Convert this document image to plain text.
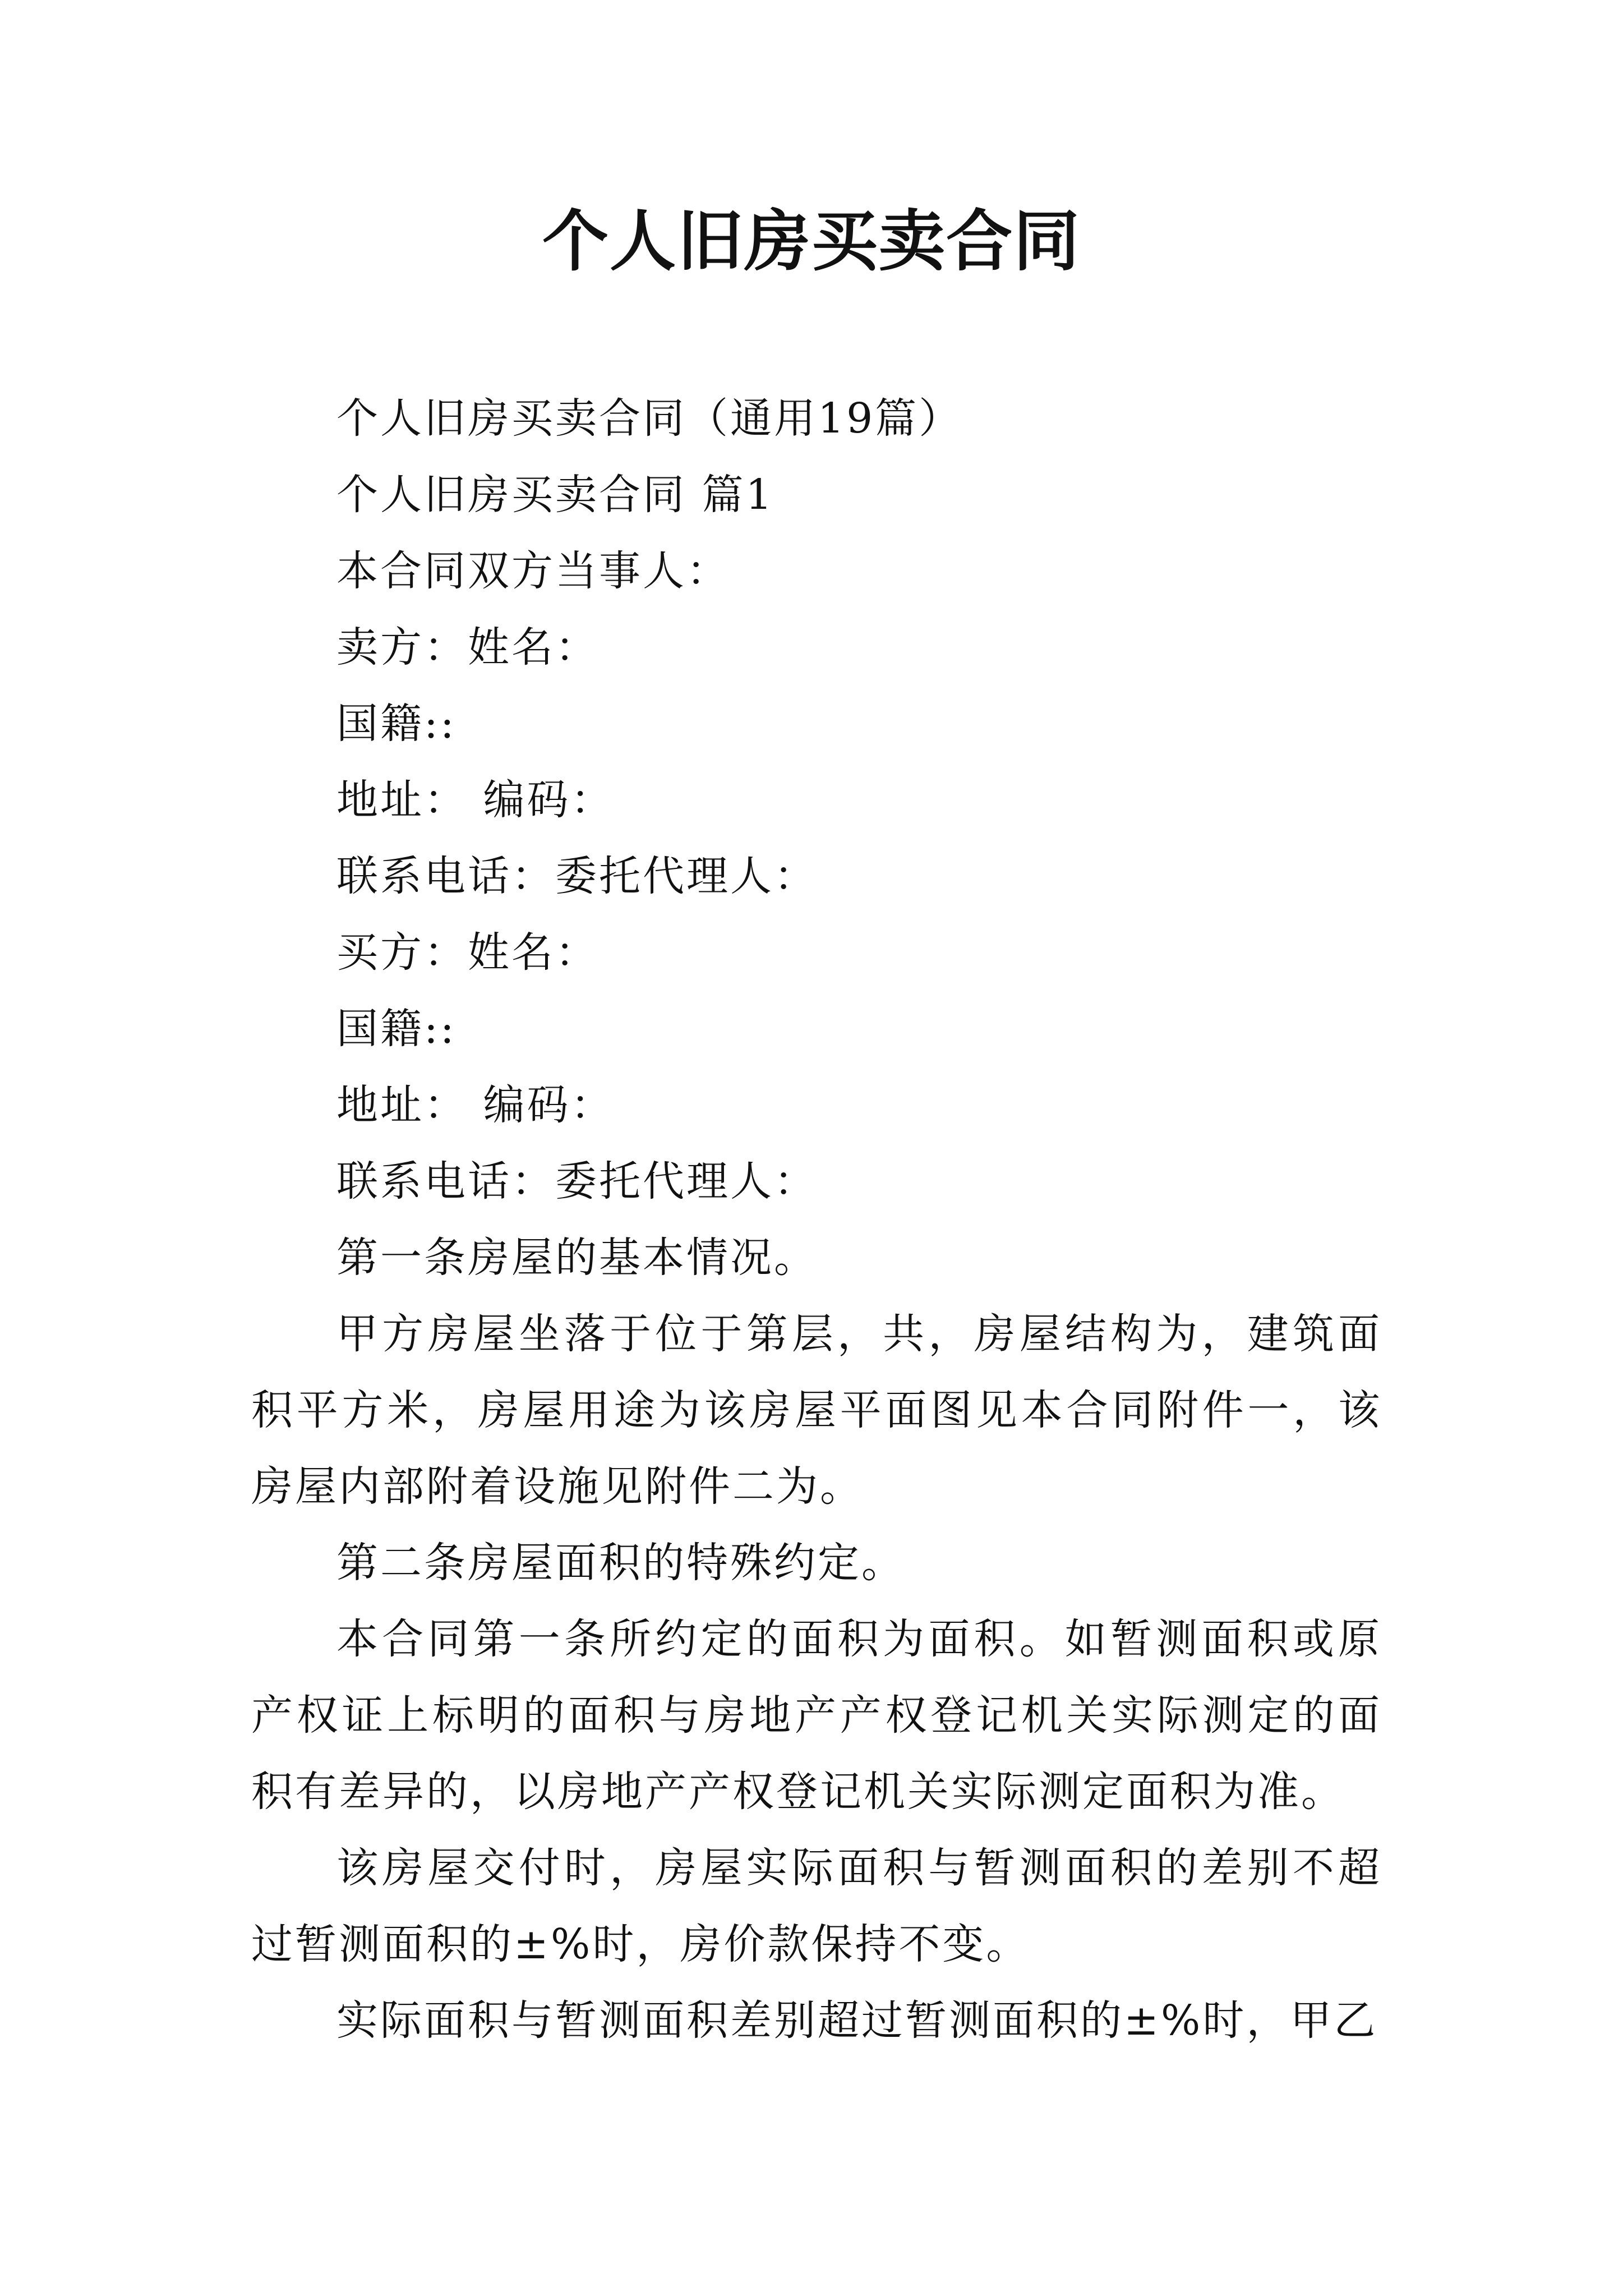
个人旧房买卖合同

个人旧房买卖合同（通用19篇）

个人旧房买卖合同 篇1

本合同双方当事人：

卖方：姓名：

国籍::

地址： 编码：

联系电话：委托代理人：

买方：姓名：

国籍::

地址： 编码：

联系电话：委托代理人：

第一条房屋的基本情况。

甲方房屋坐落于位于第层，共，房屋结构为，建筑面积平方米，房屋用途为该房屋平面图见本合同附件一，该房屋内部附着设施见附件二为。

第二条房屋面积的特殊约定。

本合同第一条所约定的面积为面积。如暂测面积或原产权证上标明的面积与房地产产权登记机关实际测定的面积有差异的，以房地产产权登记机关实际测定面积为准。

该房屋交付时，房屋实际面积与暂测面积的差别不超过暂测面积的±%时，房价款保持不变。

实际面积与暂测面积差别超过暂测面积的±%时，甲乙
